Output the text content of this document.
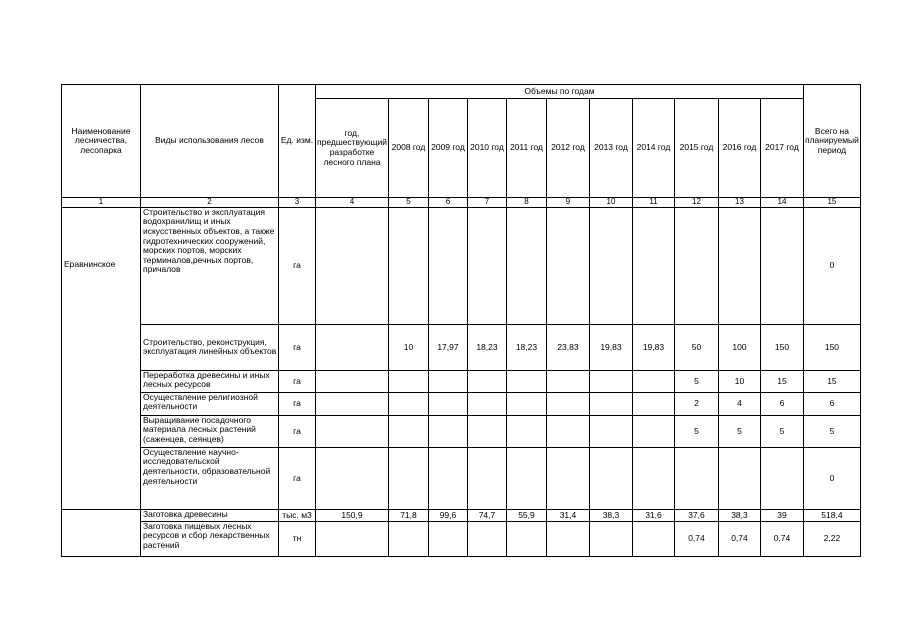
Наименование лесничества, лесопарка	Виды использования лесов	Ед. изм.	Объемы по годам											Всего на планируемый период
			год, предшествующий разработке лесного плана	2008 год	2009 год	2010 год	2011 год	2012 год	2013 год	2014 год	2015 год	2016 год	2017 год	
1	2	3	4	5	6	7	8	9	10	11	12	13	14	15
Еравнинское	Строительство и эксплуатация водохранилищ и иных искусственных объектов, а также гидротехнических сооружений, морских портов, морских терминалов,речных портов, причалов	га												0
	Строительство, реконструкция, эксплуатация линейных объектов	га		10	17,97	18,23	18,23	23,83	19,83	19,83	50	100	150	150
	Переработка древесины и иных лесных ресурсов	га									5	10	15	15
	Осуществление религиозной деятельности	га									2	4	6	6
	Выращивание посадочного материала лесных растений (саженцев, сеянцев)	га									5	5	5	5
	Осуществление научно-исследовательской деятельности, образовательной деятельности	га												0
	Заготовка древесины	тыс. м3	150,9	71,8	99,6	74,7	55,9	31,4	38,3	31,6	37,6	38,3	39	518,4
	Заготовка пищевых лесных ресурсов и сбор лекарственных растений	тн									0,74	0,74	0,74	2,22
